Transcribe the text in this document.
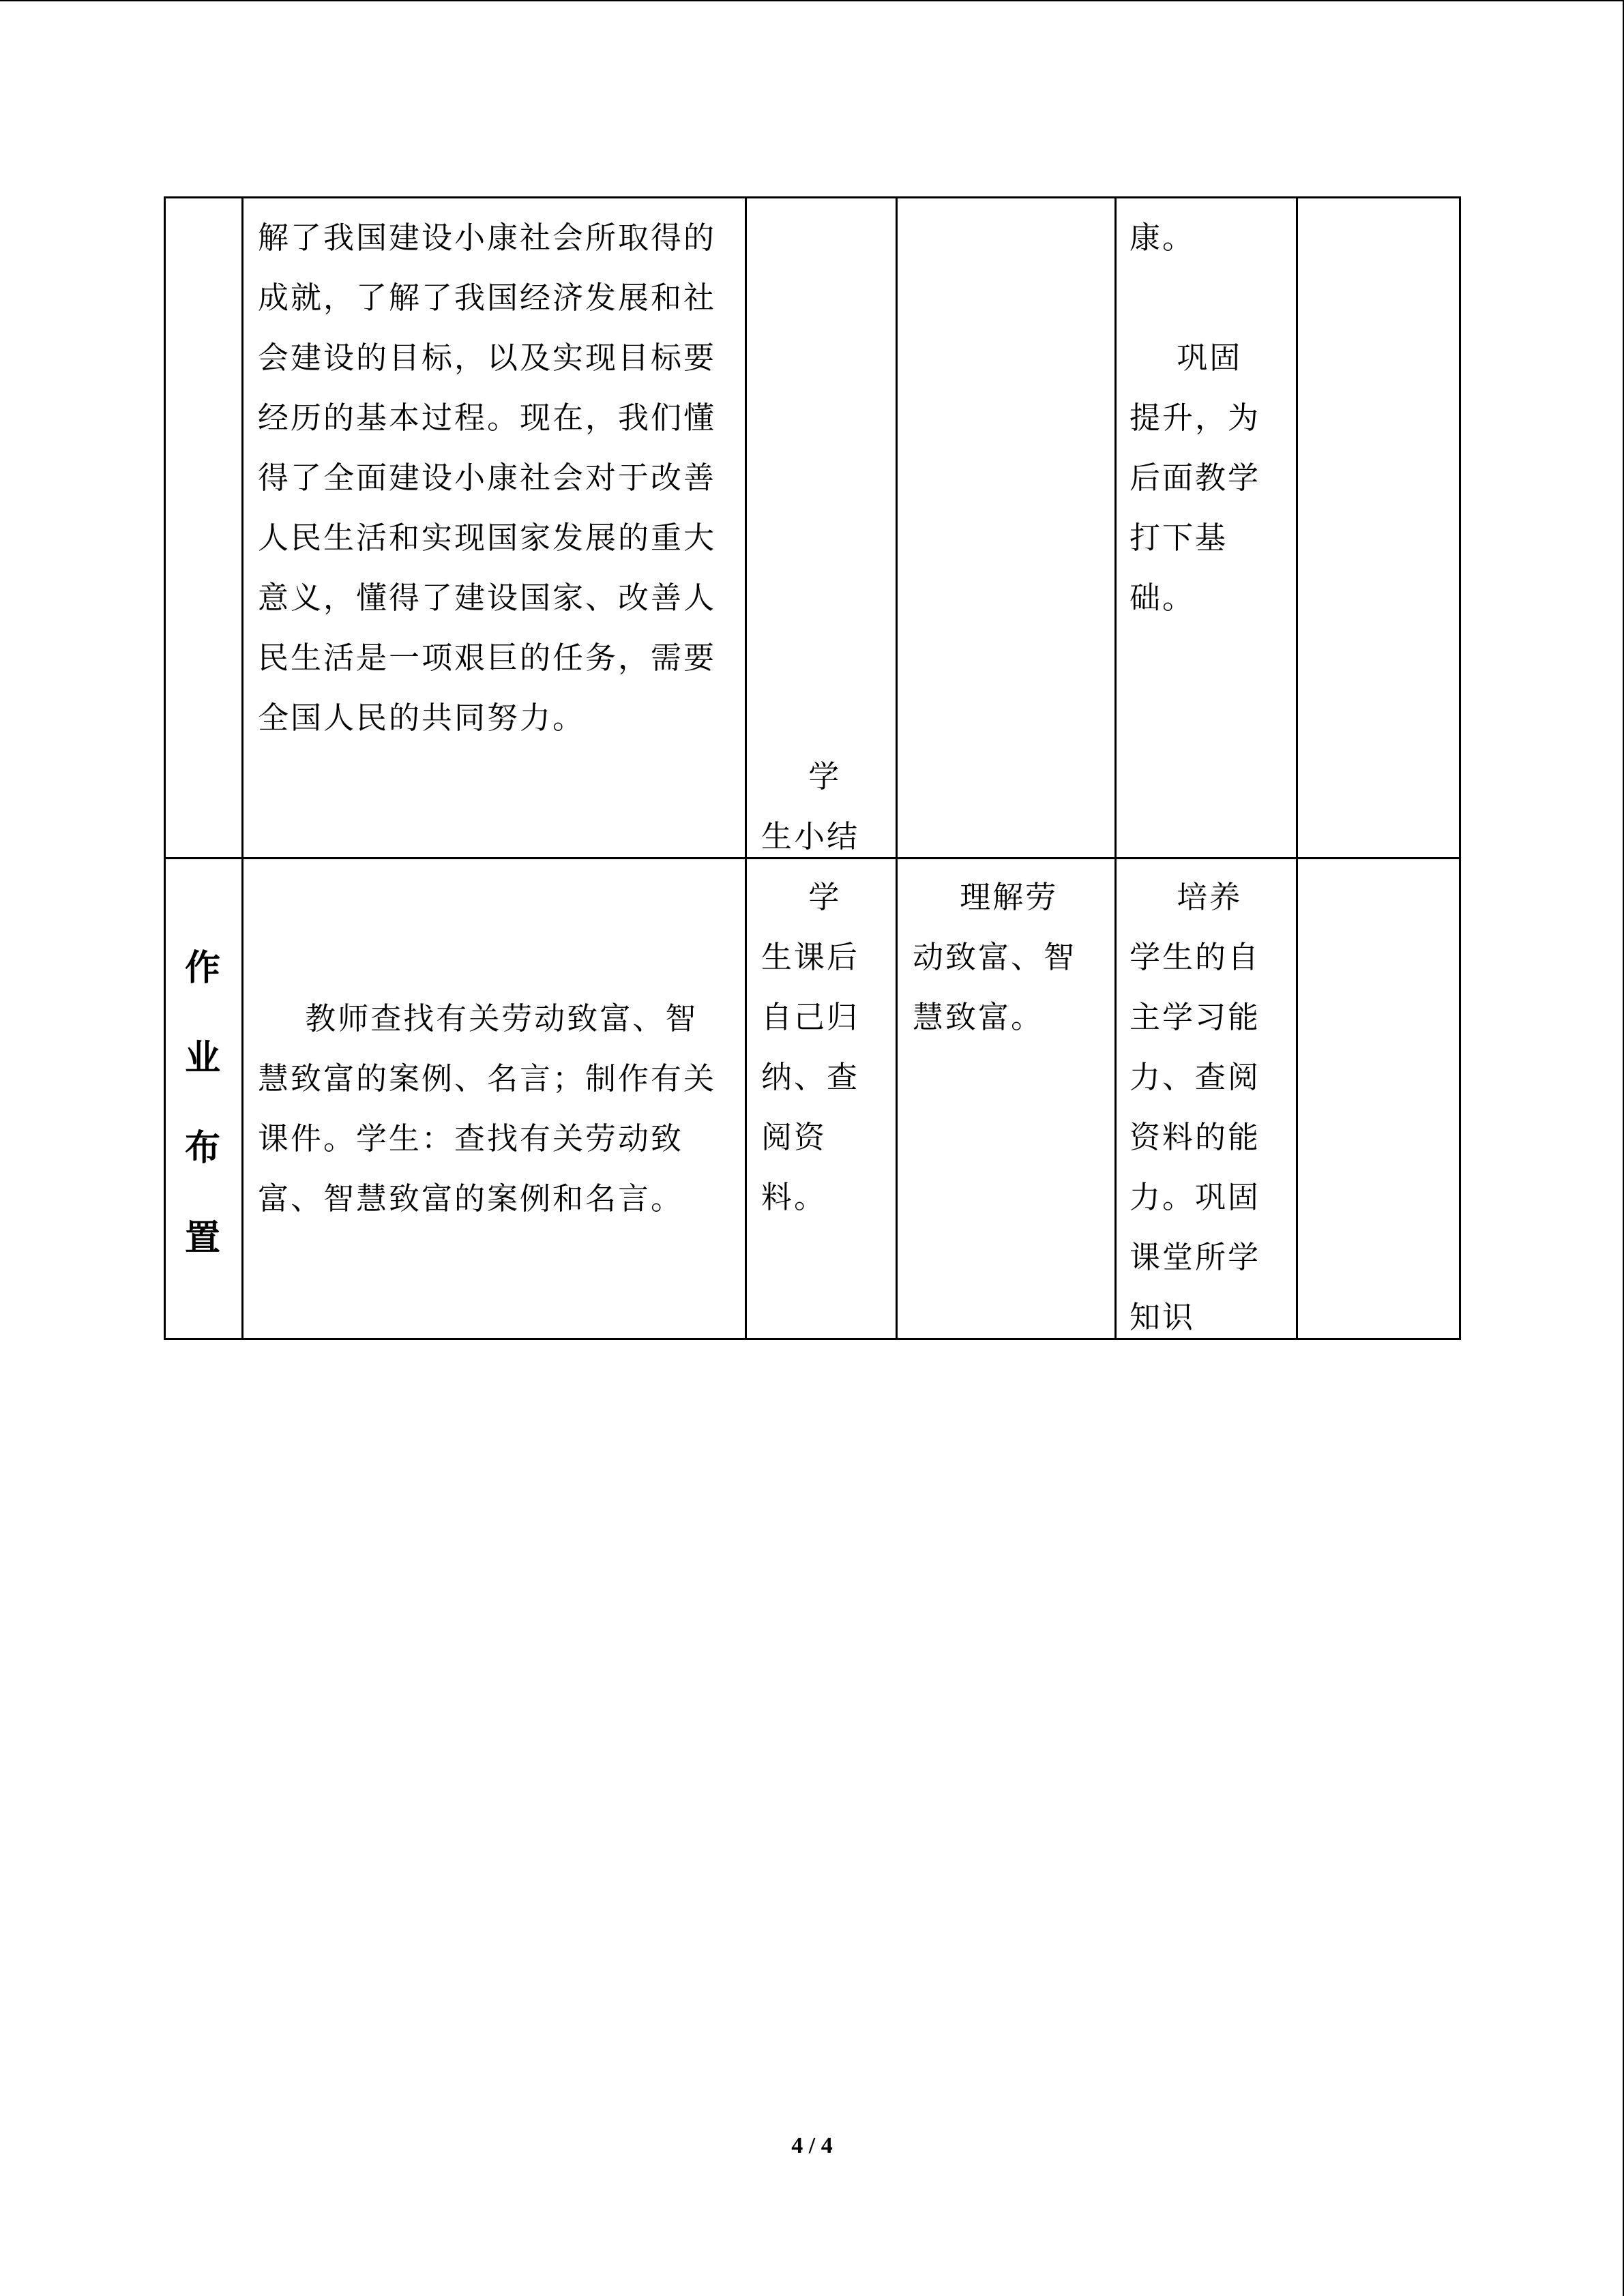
解了我国建设小康社会所取得的
成就，了解了我国经济发展和社
会建设的目标，以及实现目标要
经历的基本过程。现在，我们懂
得了全面建设小康社会对于改善
人民生活和实现国家发展的重大
意义，懂得了建设国家、改善人
民生活是一项艰巨的任务，需要
全国人民的共同努力。
学
生小结
康。

巩固
提升，为
后面教学
打下基
础。
作
业
布
置
教师查找有关劳动致富、智
慧致富的案例、名言；制作有关
课件。学生：查找有关劳动致
富、智慧致富的案例和名言。
学
生课后
自己归
纳、查
阅资
料。
理解劳
动致富、智
慧致富。
培养
学生的自
主学习能
力、查阅
资料的能
力。巩固
课堂所学
知识
4 / 4
